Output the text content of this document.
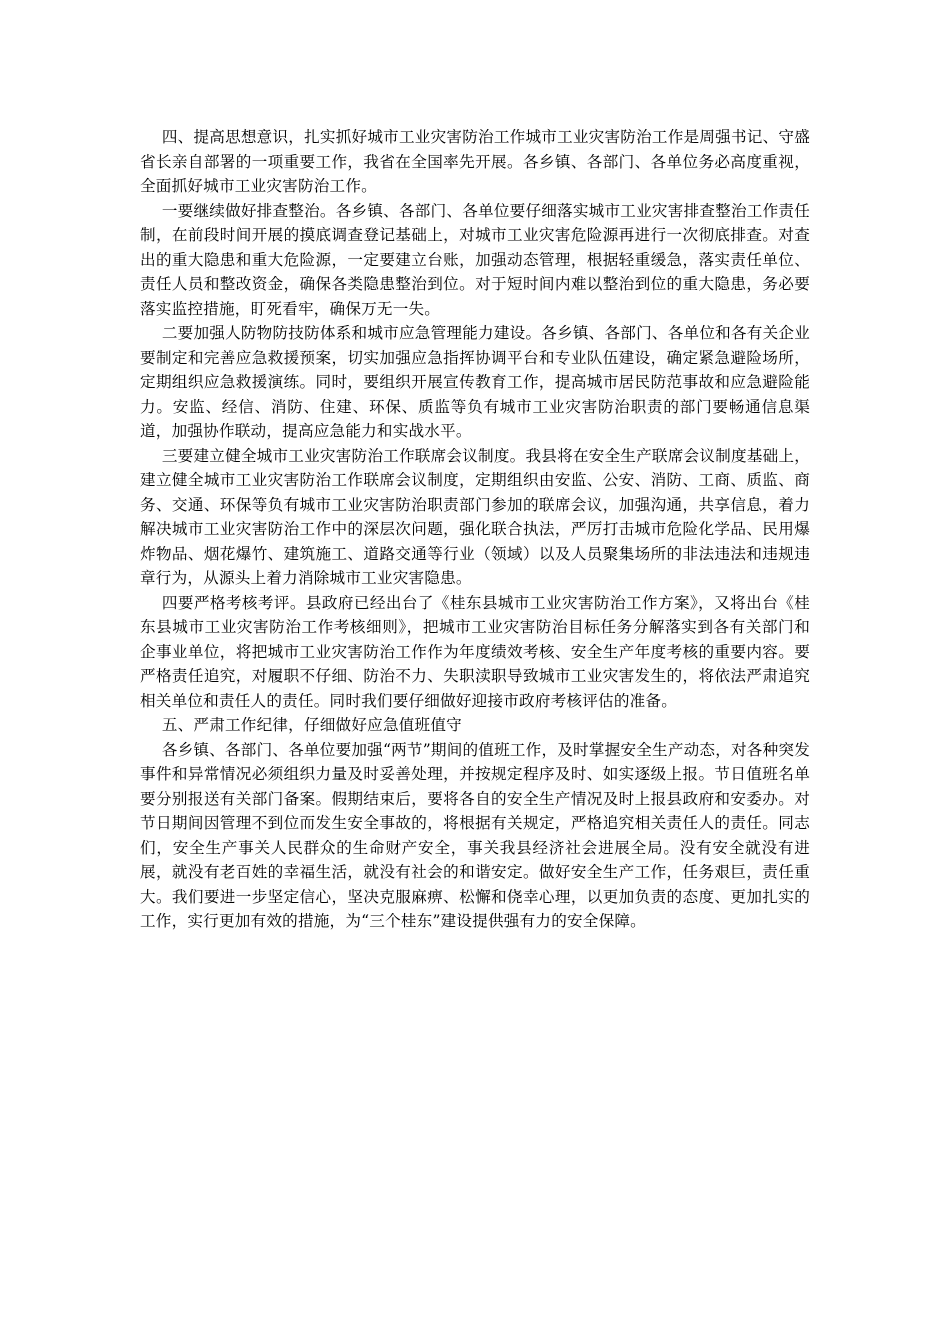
四、提高思想意识，扎实抓好城市工业灾害防治工作城市工业灾害防治工作是周强书记、守盛省长亲自部署的一项重要工作，我省在全国率先开展。各乡镇、各部门、各单位务必高度重视，全面抓好城市工业灾害防治工作。

一要继续做好排查整治。各乡镇、各部门、各单位要仔细落实城市工业灾害排查整治工作责任制，在前段时间开展的摸底调查登记基础上，对城市工业灾害危险源再进行一次彻底排查。对查出的重大隐患和重大危险源，一定要建立台账，加强动态管理，根据轻重缓急，落实责任单位、责任人员和整改资金，确保各类隐患整治到位。对于短时间内难以整治到位的重大隐患，务必要落实监控措施，盯死看牢，确保万无一失。

二要加强人防物防技防体系和城市应急管理能力建设。各乡镇、各部门、各单位和各有关企业要制定和完善应急救援预案，切实加强应急指挥协调平台和专业队伍建设，确定紧急避险场所，定期组织应急救援演练。同时，要组织开展宣传教育工作，提高城市居民防范事故和应急避险能力。安监、经信、消防、住建、环保、质监等负有城市工业灾害防治职责的部门要畅通信息渠道，加强协作联动，提高应急能力和实战水平。

三要建立健全城市工业灾害防治工作联席会议制度。我县将在安全生产联席会议制度基础上，建立健全城市工业灾害防治工作联席会议制度，定期组织由安监、公安、消防、工商、质监、商务、交通、环保等负有城市工业灾害防治职责部门参加的联席会议，加强沟通，共享信息，着力解决城市工业灾害防治工作中的深层次问题，强化联合执法，严厉打击城市危险化学品、民用爆炸物品、烟花爆竹、建筑施工、道路交通等行业（领域）以及人员聚集场所的非法违法和违规违章行为，从源头上着力消除城市工业灾害隐患。

四要严格考核考评。县政府已经出台了《桂东县城市工业灾害防治工作方案》，又将出台《桂东县城市工业灾害防治工作考核细则》，把城市工业灾害防治目标任务分解落实到各有关部门和企事业单位，将把城市工业灾害防治工作作为年度绩效考核、安全生产年度考核的重要内容。要严格责任追究，对履职不仔细、防治不力、失职渎职导致城市工业灾害发生的，将依法严肃追究相关单位和责任人的责任。同时我们要仔细做好迎接市政府考核评估的准备。

五、严肃工作纪律，仔细做好应急值班值守

各乡镇、各部门、各单位要加强“两节”期间的值班工作，及时掌握安全生产动态，对各种突发事件和异常情况必须组织力量及时妥善处理，并按规定程序及时、如实逐级上报。节日值班名单要分别报送有关部门备案。假期结束后，要将各自的安全生产情况及时上报县政府和安委办。对节日期间因管理不到位而发生安全事故的，将根据有关规定，严格追究相关责任人的责任。同志们，安全生产事关人民群众的生命财产安全，事关我县经济社会进展全局。没有安全就没有进展，就没有老百姓的幸福生活，就没有社会的和谐安定。做好安全生产工作，任务艰巨，责任重大。我们要进一步坚定信心，坚决克服麻痹、松懈和侥幸心理，以更加负责的态度、更加扎实的工作，实行更加有效的措施，为“三个桂东”建设提供强有力的安全保障。
